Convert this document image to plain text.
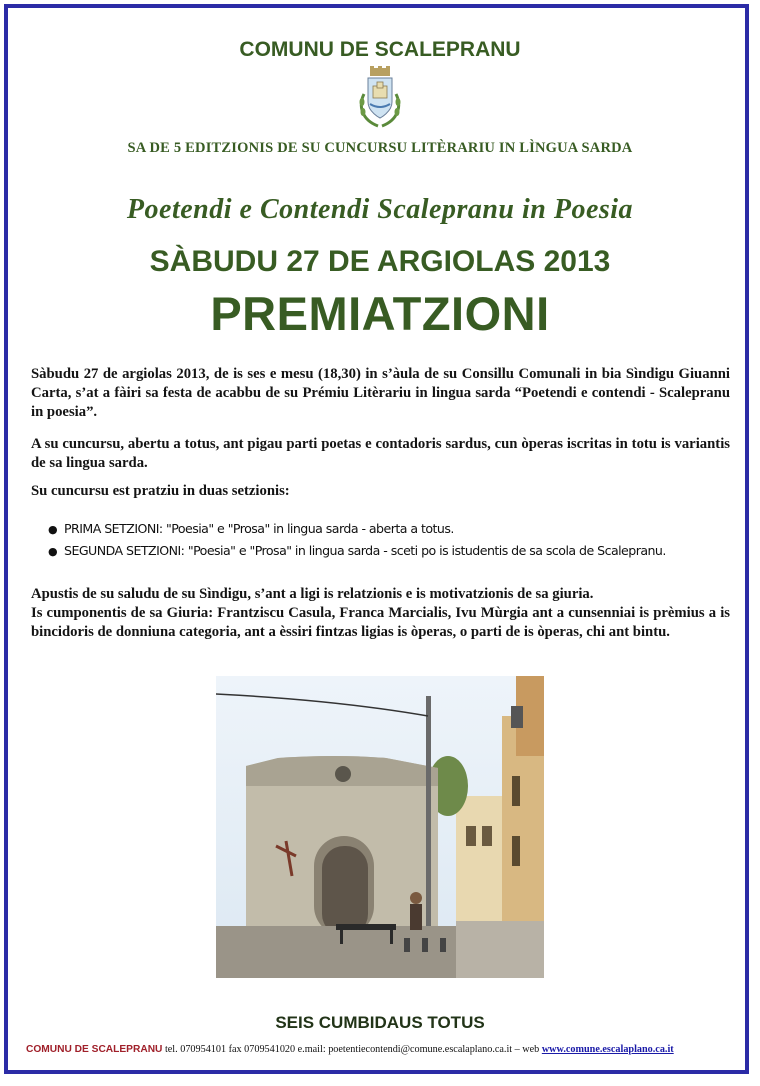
COMUNU DE SCALEPRANU
SA DE 5 EDITZIONIS DE SU CUNCURSU LITÈRARIU IN LÌNGUA SARDA
Poetendi e Contendi Scalepranu in Poesia
SÀBUDU 27 DE ARGIOLAS 2013
PREMIATZIONI

Sàbudu 27 de argiolas 2013, de is ses e mesu (18,30) in s’àula de su Consillu Comunali in bia Sìndigu Giuanni Carta, s’at a fàiri sa festa de acabbu de su Prémiu Litèrariu in lingua sarda “Poetendi e contendi - Scalepranu in poesia”.

A su cuncursu, abertu a totus, ant pigau parti poetas e contadoris sardus, cun òperas iscritas in totu is variantis de sa lingua sarda.

Su cuncursu est pratziu in duas setzionis:

● PRIMA SETZIONI: "Poesia" e "Prosa" in lingua sarda - aberta a totus.
● SEGUNDA SETZIONI: "Poesia" e "Prosa" in lingua sarda - sceti po is istudentis de sa scola de Scalepranu.
Apustis de su saludu de su Sìndigu, s’ant a ligi is relatzionis e is motivatzionis de sa giuria.
Is cumponentis de sa Giuria: Frantziscu Casula, Franca Marcialis, Ivu Mùrgia ant a cunsenniai is prèmius a is bincidoris de donniuna categoria, ant a èssiri fintzas ligias is òperas, o parti de is òperas, chi ant bintu.
SEIS CUMBIDAUS TOTUS
COMUNU DE SCALEPRANU tel. 070954101 fax 0709541020 e.mail: poetentiecontendi@comune.escalaplano.ca.it – web www.comune.escalaplano.ca.it
